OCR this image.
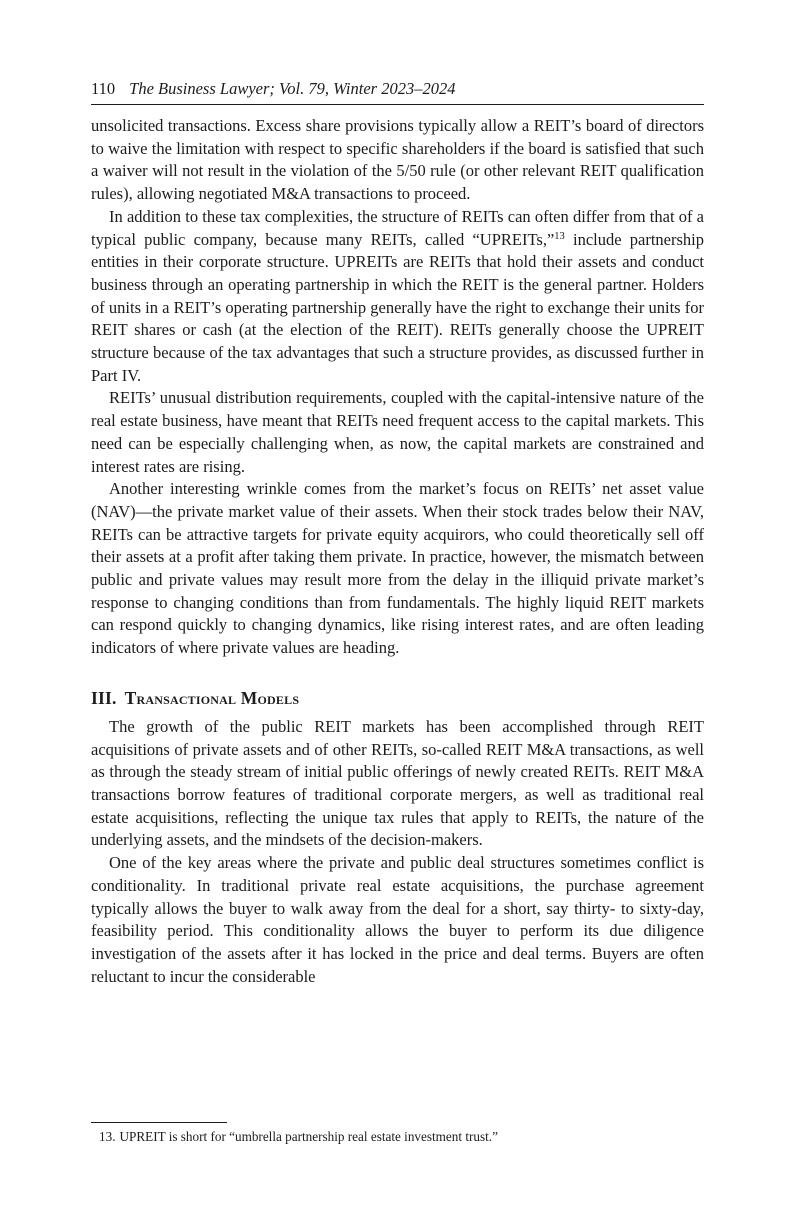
110 The Business Lawyer; Vol. 79, Winter 2023–2024

unsolicited transactions. Excess share provisions typically allow a REIT’s board of directors to waive the limitation with respect to specific shareholders if the board is satisfied that such a waiver will not result in the violation of the 5/50 rule (or other relevant REIT qualification rules), allowing negotiated M&A transactions to proceed.

In addition to these tax complexities, the structure of REITs can often differ from that of a typical public company, because many REITs, called “UPREITs,”$^{13}$ include partnership entities in their corporate structure. UPREITs are REITs that hold their assets and conduct business through an operating partnership in which the REIT is the general partner. Holders of units in a REIT’s operating partnership generally have the right to exchange their units for REIT shares or cash (at the election of the REIT). REITs generally choose the UPREIT structure because of the tax advantages that such a structure provides, as discussed further in Part IV.

REITs’ unusual distribution requirements, coupled with the capital-intensive nature of the real estate business, have meant that REITs need frequent access to the capital markets. This need can be especially challenging when, as now, the capital markets are constrained and interest rates are rising.

Another interesting wrinkle comes from the market’s focus on REITs’ net asset value (NAV)—the private market value of their assets. When their stock trades below their NAV, REITs can be attractive targets for private equity acquirors, who could theoretically sell off their assets at a profit after taking them private. In practice, however, the mismatch between public and private values may result more from the delay in the illiquid private market’s response to changing conditions than from fundamentals. The highly liquid REIT markets can respond quickly to changing dynamics, like rising interest rates, and are often leading indicators of where private values are heading.

III. Transactional Models

The growth of the public REIT markets has been accomplished through REIT acquisitions of private assets and of other REITs, so-called REIT M&A transactions, as well as through the steady stream of initial public offerings of newly created REITs. REIT M&A transactions borrow features of traditional corporate mergers, as well as traditional real estate acquisitions, reflecting the unique tax rules that apply to REITs, the nature of the underlying assets, and the mindsets of the decision-makers.

One of the key areas where the private and public deal structures sometimes conflict is conditionality. In traditional private real estate acquisitions, the purchase agreement typically allows the buyer to walk away from the deal for a short, say thirty- to sixty-day, feasibility period. This conditionality allows the buyer to perform its due diligence investigation of the assets after it has locked in the price and deal terms. Buyers are often reluctant to incur the considerable

13. UPREIT is short for “umbrella partnership real estate investment trust.”
